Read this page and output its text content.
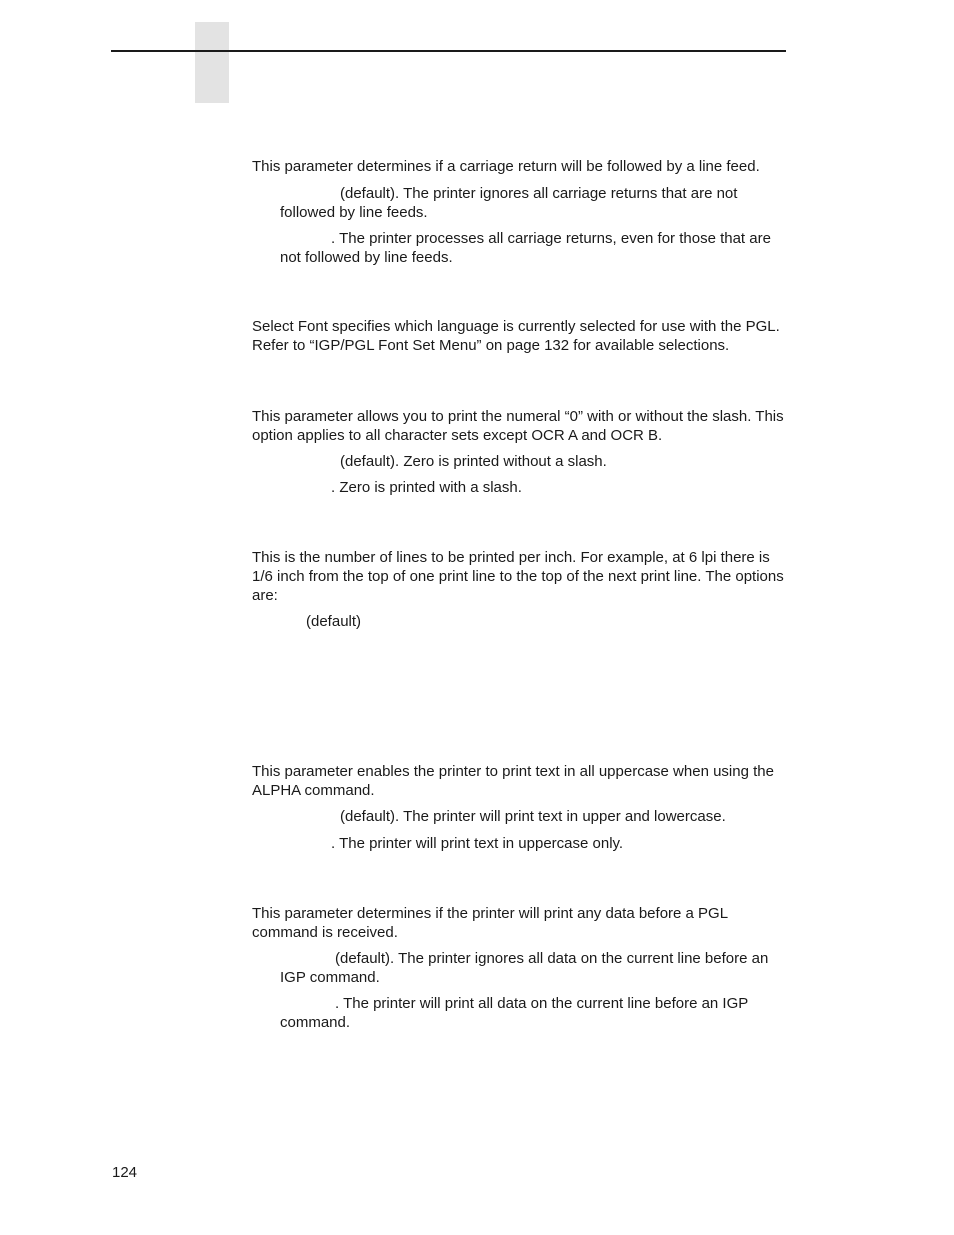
This parameter determines if a carriage return will be followed by a line feed.

(default). The printer ignores all carriage returns that are not followed by line feeds.

. The printer processes all carriage returns, even for those that are not followed by line feeds.

Select Font specifies which language is currently selected for use with the PGL. Refer to “IGP/PGL Font Set Menu” on page 132 for available selections.

This parameter allows you to print the numeral “0” with or without the slash. This option applies to all character sets except OCR A and OCR B.

(default). Zero is printed without a slash.

. Zero is printed with a slash.

This is the number of lines to be printed per inch. For example, at 6 lpi there is 1/6 inch from the top of one print line to the top of the next print line. The options are:

(default)

This parameter enables the printer to print text in all uppercase when using the ALPHA command.

(default). The printer will print text in upper and lowercase.

. The printer will print text in uppercase only.

This parameter determines if the printer will print any data before a PGL command is received.

(default). The printer ignores all data on the current line before an IGP command.

. The printer will print all data on the current line before an IGP command.

124
